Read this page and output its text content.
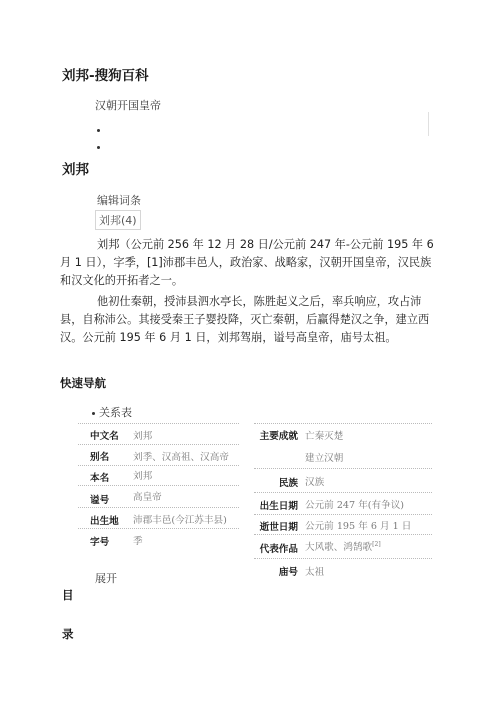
刘邦-搜狗百科
汉朝开国皇帝
刘邦
编辑词条
刘邦(4)
刘邦（公元前 256 年 12 月 28 日/公元前 247 年-公元前 195 年 6 月 1 日），字季，[1]沛郡丰邑人，政治家、战略家，汉朝开国皇帝，汉民族和汉文化的开拓者之一。
他初仕秦朝，授沛县泗水亭长，陈胜起义之后，率兵响应，攻占沛县，自称沛公。其接受秦王子婴投降，灭亡秦朝，后赢得楚汉之争，建立西汉。公元前 195 年 6 月 1 日，刘邦驾崩，谥号高皇帝，庙号太祖。
快速导航
关系表
中文名 刘邦
别名 刘季、汉高祖、汉高帝
本名 刘邦
谥号 高皇帝
出生地 沛郡丰邑(今江苏丰县)
字号 季
主要成就 亡秦灭楚
建立汉朝
民族 汉族
出生日期 公元前 247 年(有争议)
逝世日期 公元前 195 年 6 月 1 日
代表作品 大风歌、鸿鹄歌[2]
庙号 太祖
展开
目
录
